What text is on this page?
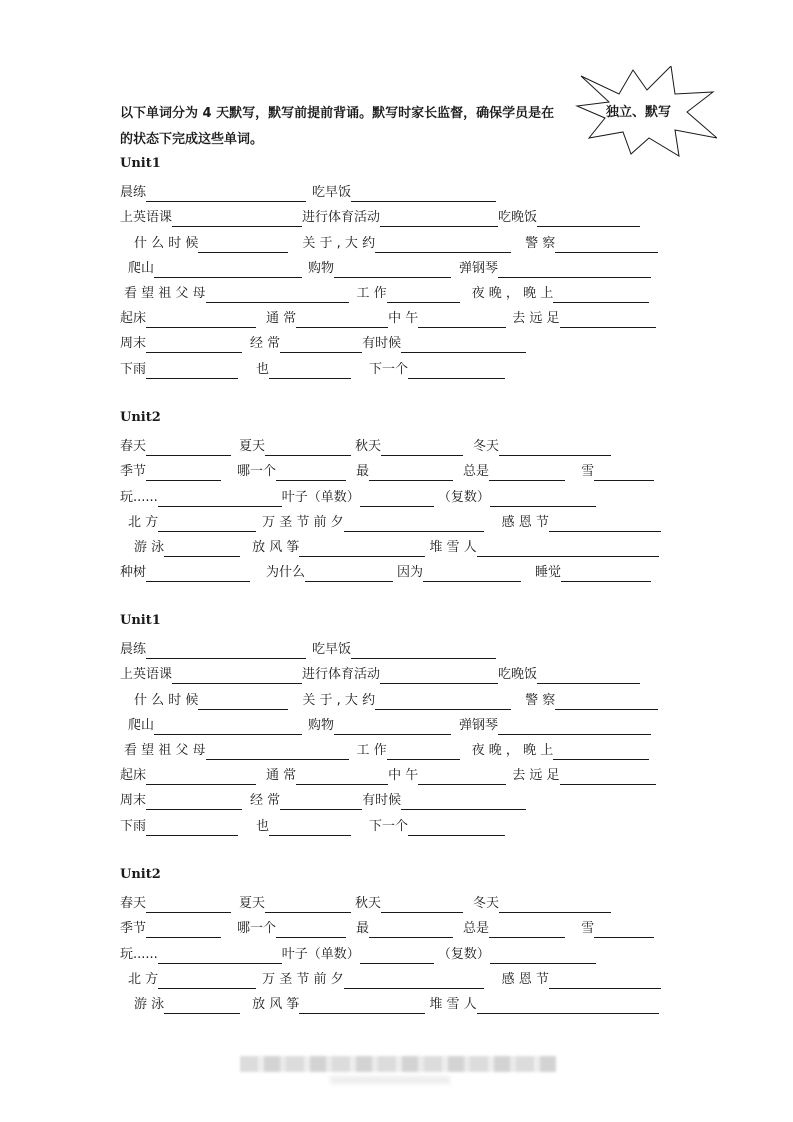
以下单词分为 4 天默写，默写前提前背诵。默写时家长监督，确保学员是在
的状态下完成这些单词。
独立、默写
Unit1
晨练	吃早饭
上英语课	进行体育活动	吃晚饭
什 么 时 候	关 于 , 大 约	警 察
爬山	购物	弹钢琴
看 望 祖 父 母	工 作	夜 晚 ， 晚 上
起床	通 常	中 午	去 远 足
周末	经 常	有时候
下雨	也	下一个
Unit2
春天	夏天	秋天	冬天
季节	哪一个	最	总是	雪
玩......	叶子（单数）	（复数）
北 方	万 圣 节 前 夕	感 恩 节
游 泳	放 风 筝	堆 雪 人
种树	为什么	因为	睡觉
Unit1
晨练	吃早饭
上英语课	进行体育活动	吃晚饭
什 么 时 候	关 于 , 大 约	警 察
爬山	购物	弹钢琴
看 望 祖 父 母	工 作	夜 晚 ， 晚 上
起床	通 常	中 午	去 远 足
周末	经 常	有时候
下雨	也	下一个
Unit2
春天	夏天	秋天	冬天
季节	哪一个	最	总是	雪
玩......	叶子（单数）	（复数）
北 方	万 圣 节 前 夕	感 恩 节
游 泳	放 风 筝	堆 雪 人
